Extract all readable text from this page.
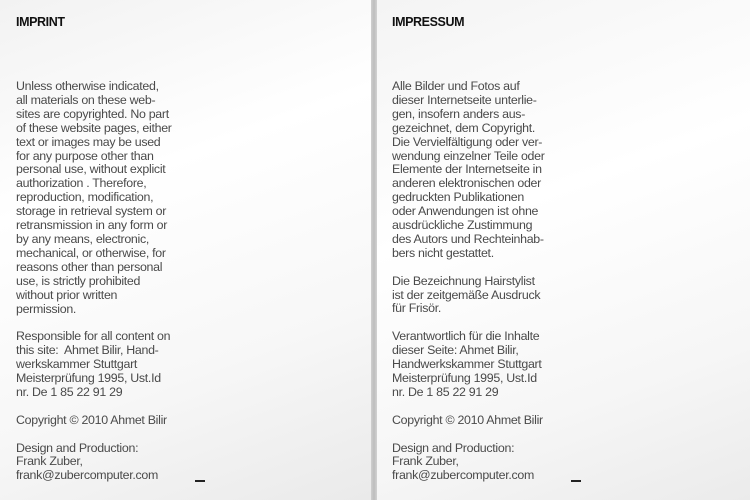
IMPRINT

Unless otherwise indicated,
all materials on these web-
sites are copyrighted. No part
of these website pages, either
text or images may be used
for any purpose other than
personal use, without explicit
authorization . Therefore,
reproduction, modification,
storage in retrieval system or
retransmission in any form or
by any means, electronic,
mechanical, or otherwise, for
reasons other than personal
use, is strictly prohibited
without prior written
permission.

Responsible for all content on
this site:  Ahmet Bilir, Hand-
werkskammer Stuttgart
Meisterprüfung 1995, Ust.Id
nr. De 1 85 22 91 29

Copyright © 2010 Ahmet Bilir

Design and Production:
Frank Zuber,
frank@zubercomputer.com

IMPRESSUM

Alle Bilder und Fotos auf
dieser Internetseite unterlie-
gen, insofern anders aus-
gezeichnet, dem Copyright.
Die Vervielfältigung oder ver-
wendung einzelner Teile oder
Elemente der Internetseite in
anderen elektronischen oder
gedruckten Publikationen
oder Anwendungen ist ohne
ausdrückliche Zustimmung
des Autors und Rechteinhab-
bers nicht gestattet.

Die Bezeichnung Hairstylist
ist der zeitgemäße Ausdruck
für Frisör.

Verantwortlich für die Inhalte
dieser Seite: Ahmet Bilir,
Handwerkskammer Stuttgart
Meisterprüfung 1995, Ust.Id
nr. De 1 85 22 91 29

Copyright © 2010 Ahmet Bilir

Design and Production:
Frank Zuber,
frank@zubercomputer.com
